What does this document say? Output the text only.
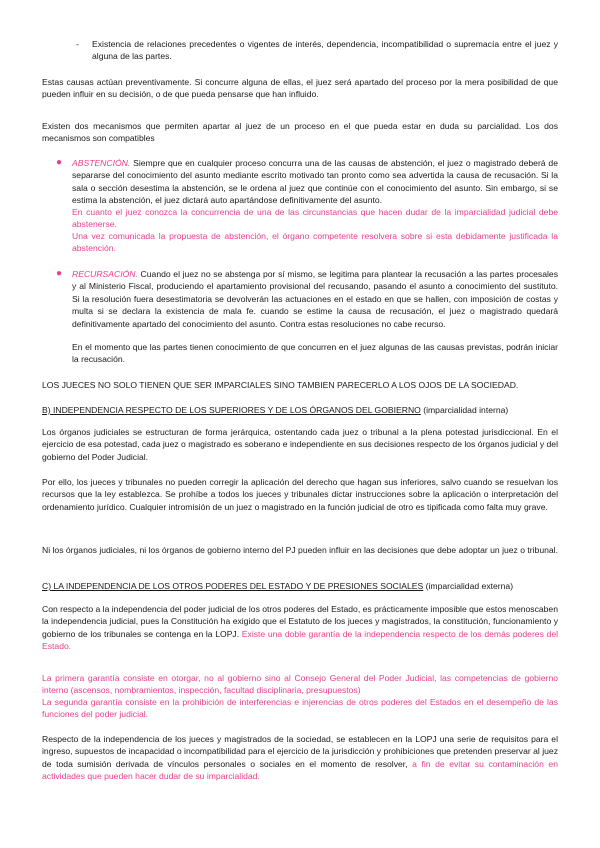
-	Existencia de relaciones precedentes o vigentes de interés, dependencia, incompatibilidad o supremacía entre el juez y alguna de las partes.

Estas causas actúan preventivamente. Si concurre alguna de ellas, el juez será apartado del proceso por la mera posibilidad de que pueden influir en su decisión, o de que pueda pensarse que han influido.

Existen dos mecanismos que permiten apartar al juez de un proceso en el que pueda estar en duda su parcialidad. Los dos mecanismos son compatibles

● ABSTENCIÓN. Siempre que en cualquier proceso concurra una de las causas de abstención, el juez o magistrado deberá de separarse del conocimiento del asunto mediante escrito motivado tan pronto como sea advertida la causa de recusación. Si la sala o sección desestima la abstención, se le ordena al juez que continúe con el conocimiento del asunto. Sin embargo, si se estima la abstención, el juez dictará auto apartándose definitivamente del asunto.

En cuanto el juez conozca la concurrencia de una de las circunstancias que hacen dudar de la imparcialidad judicial debe abstenerse.

Una vez comunicada la propuesta de abstención, el órgano competente resolvera sobre si esta debidamente justificada la abstención.

● RECURSACIÓN. Cuando el juez no se abstenga por sí mismo, se legitima para plantear la recusación a las partes procesales y al Ministerio Fiscal, produciendo el apartamiento provisional del recusando, pasando el asunto a conocimiento del sustituto. Si la resolución fuera desestimatoria se devolverán las actuaciones en el estado en que se hallen, con imposición de costas y multa si se declara la existencia de mala fe. cuando se estime la causa de recusación, el juez o magistrado quedará definitivamente apartado del conocimiento del asunto. Contra estas resoluciones no cabe recurso.

En el momento que las partes tienen conocimiento de que concurren en el juez algunas de las causas previstas, podrán iniciar la recusación.

LOS JUECES NO SOLO TIENEN QUE SER IMPARCIALES SINO TAMBIEN PARECERLO A LOS OJOS DE LA SOCIEDAD.

B) INDEPENDENCIA RESPECTO DE LOS SUPERIORES Y DE LOS ÓRGANOS DEL GOBIERNO (imparcialidad interna)

Los órganos judiciales se estructuran de forma jerárquica, ostentando cada juez o tribunal a la plena potestad jurisdiccional. En el ejercicio de esa potestad, cada juez o magistrado es soberano e independiente en sus decisiones respecto de los órganos judicial y del gobierno del Poder Judicial.

Por ello, los jueces y tribunales no pueden corregir la aplicación del derecho que hagan sus inferiores, salvo cuando se resuelvan los recursos que la ley establezca. Se prohíbe a todos los jueces y tribunales dictar instrucciones sobre la aplicación o interpretación del ordenamiento jurídico. Cualquier intromisión de un juez o magistrado en la función judicial de otro es tipificada como falta muy grave.

Ni los órganos judiciales, ni los órganos de gobierno interno del PJ pueden influir en las decisiones que debe adoptar un juez o tribunal.

C) LA INDEPENDENCIA DE LOS OTROS PODERES DEL ESTADO Y DE PRESIONES SOCIALES (imparcialidad externa)

Con respecto a la independencia del poder judicial de los otros poderes del Estado, es prácticamente imposible que estos menoscaben la independencia judicial, pues la Constitución ha exigido que el Estatuto de los jueces y magistrados, la constitución, funcionamiento y gobierno de los tribunales se contenga en la LOPJ. Existe una doble garantía de la independencia respecto de los demás poderes del Estado.

La primera garantía consiste en otorgar, no al gobierno sino al Consejo General del Poder Judicial, las competencias de gobierno interno (ascensos, nombramientos, inspección, facultad disciplinaria, presupuestos)

La segunda garantía consiste en la prohibición de interferencias e injerencias de otros poderes del Estados en el desempeño de las funciones del poder judicial.

Respecto de la independencia de los jueces y magistrados de la sociedad, se establecen en la LOPJ una serie de requisitos para el ingreso, supuestos de incapacidad o incompatibilidad para el ejercicio de la jurisdicción y prohibiciones que pretenden preservar al juez de toda sumisión derivada de vínculos personales o sociales en el momento de resolver, a fin de evitar su contaminación en actividades que pueden hacer dudar de su imparcialidad.
